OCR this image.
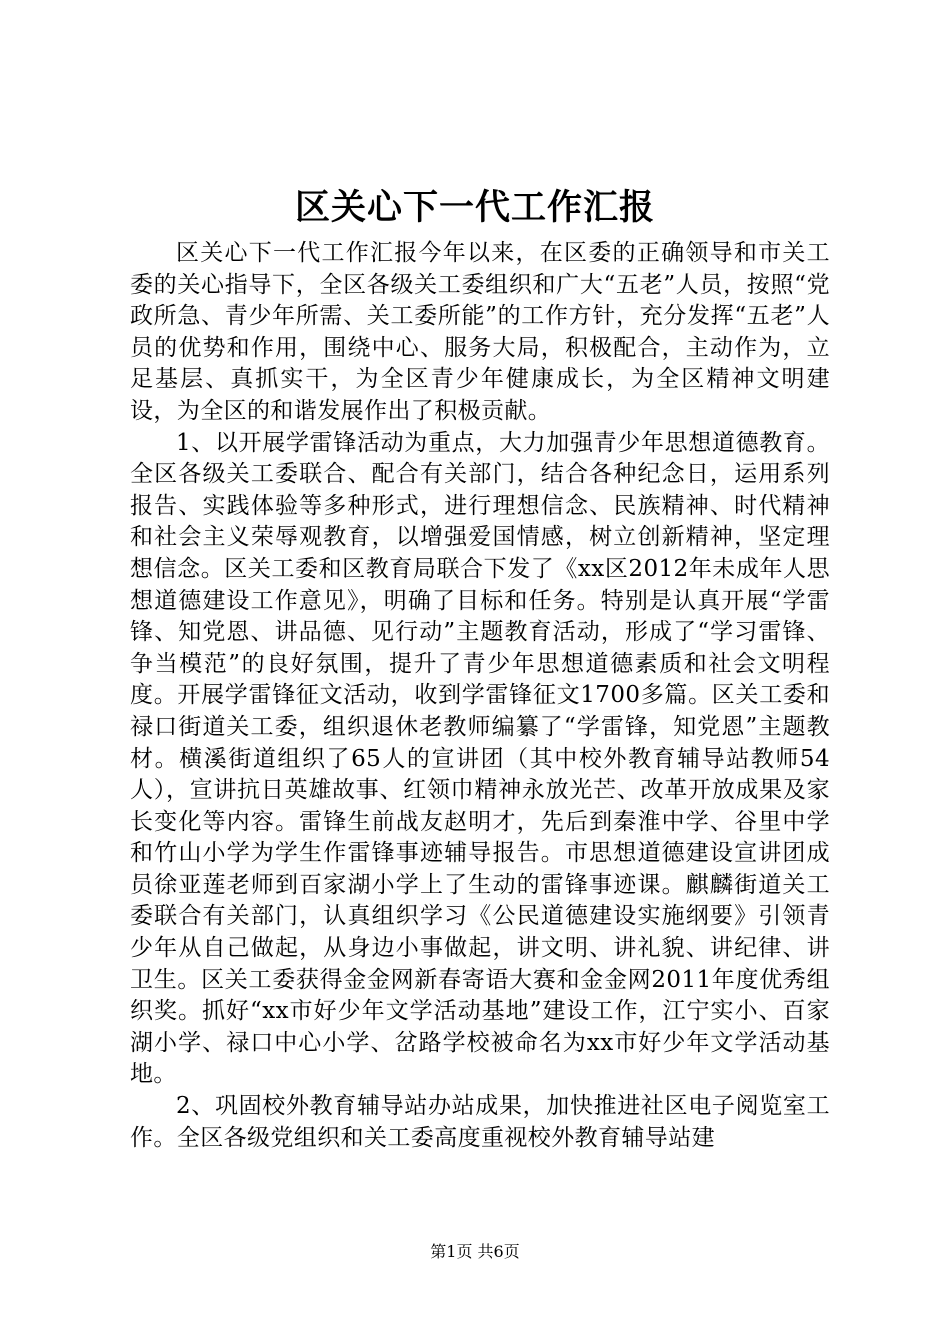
区关心下一代工作汇报

区关心下一代工作汇报今年以来，在区委的正确领导和市关工委的关心指导下，全区各级关工委组织和广大“五老”人员，按照“党政所急、青少年所需、关工委所能”的工作方针，充分发挥“五老”人员的优势和作用，围绕中心、服务大局，积极配合，主动作为，立足基层、真抓实干，为全区青少年健康成长，为全区精神文明建设，为全区的和谐发展作出了积极贡献。

1、以开展学雷锋活动为重点，大力加强青少年思想道德教育。全区各级关工委联合、配合有关部门，结合各种纪念日，运用系列报告、实践体验等多种形式，进行理想信念、民族精神、时代精神和社会主义荣辱观教育，以增强爱国情感，树立创新精神，坚定理想信念。区关工委和区教育局联合下发了《xx区2012年未成年人思想道德建设工作意见》，明确了目标和任务。特别是认真开展“学雷锋、知党恩、讲品德、见行动”主题教育活动，形成了“学习雷锋、争当模范”的良好氛围，提升了青少年思想道德素质和社会文明程度。开展学雷锋征文活动，收到学雷锋征文1700多篇。区关工委和禄口街道关工委，组织退休老教师编纂了“学雷锋，知党恩”主题教材。横溪街道组织了65人的宣讲团（其中校外教育辅导站教师54人），宣讲抗日英雄故事、红领巾精神永放光芒、改革开放成果及家长变化等内容。雷锋生前战友赵明才，先后到秦淮中学、谷里中学和竹山小学为学生作雷锋事迹辅导报告。市思想道德建设宣讲团成员徐亚莲老师到百家湖小学上了生动的雷锋事迹课。麒麟街道关工委联合有关部门，认真组织学习《公民道德建设实施纲要》引领青少年从自己做起，从身边小事做起，讲文明、讲礼貌、讲纪律、讲卫生。区关工委获得金金网新春寄语大赛和金金网2011年度优秀组织奖。抓好“xx市好少年文学活动基地”建设工作，江宁实小、百家湖小学、禄口中心小学、岔路学校被命名为xx市好少年文学活动基地。

2、巩固校外教育辅导站办站成果，加快推进社区电子阅览室工作。全区各级党组织和关工委高度重视校外教育辅导站建

第1页 共6页
